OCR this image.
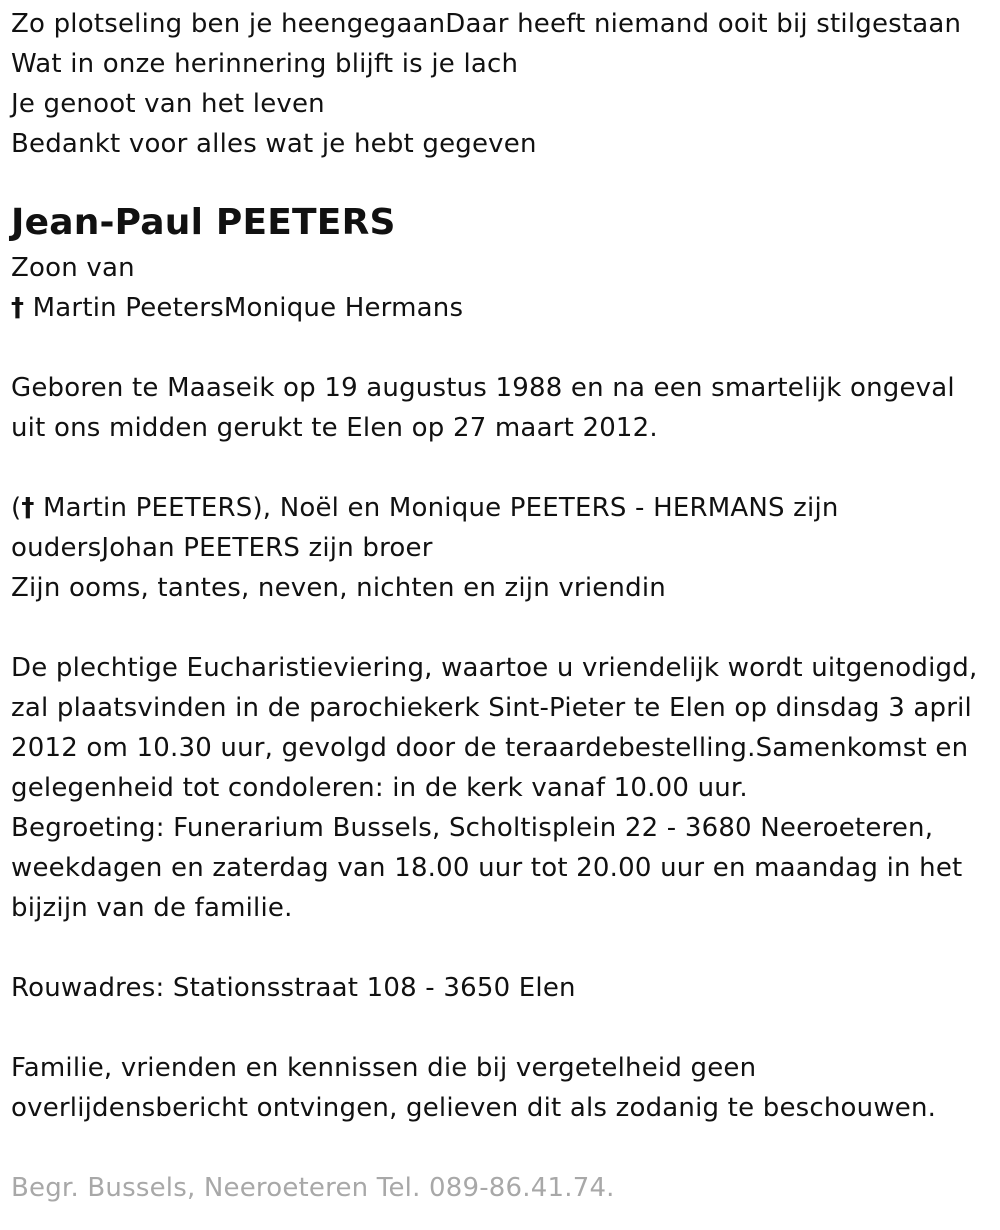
Zo plotseling ben je heengegaanDaar heeft niemand ooit bij stilgestaan
Wat in onze herinnering blijft is je lach
Je genoot van het leven
Bedankt voor alles wat je hebt gegeven
Jean-Paul PEETERS
Zoon van
† Martin PeetersMonique Hermans
Geboren te Maaseik op 19 augustus 1988 en na een smartelijk ongeval
uit ons midden gerukt te Elen op 27 maart 2012.
(† Martin PEETERS), Noël en Monique PEETERS - HERMANS zijn
oudersJohan PEETERS zijn broer
Zijn ooms, tantes, neven, nichten en zijn vriendin
De plechtige Eucharistieviering, waartoe u vriendelijk wordt uitgenodigd,
zal plaatsvinden in de parochiekerk Sint-Pieter te Elen op dinsdag 3 april
2012 om 10.30 uur, gevolgd door de teraardebestelling.Samenkomst en
gelegenheid tot condoleren: in de kerk vanaf 10.00 uur.
Begroeting: Funerarium Bussels, Scholtisplein 22 - 3680 Neeroeteren,
weekdagen en zaterdag van 18.00 uur tot 20.00 uur en maandag in het
bijzijn van de familie.
Rouwadres: Stationsstraat 108 - 3650 Elen
Familie, vrienden en kennissen die bij vergetelheid geen
overlijdensbericht ontvingen, gelieven dit als zodanig te beschouwen.
Begr. Bussels, Neeroeteren Tel. 089-86.41.74.
